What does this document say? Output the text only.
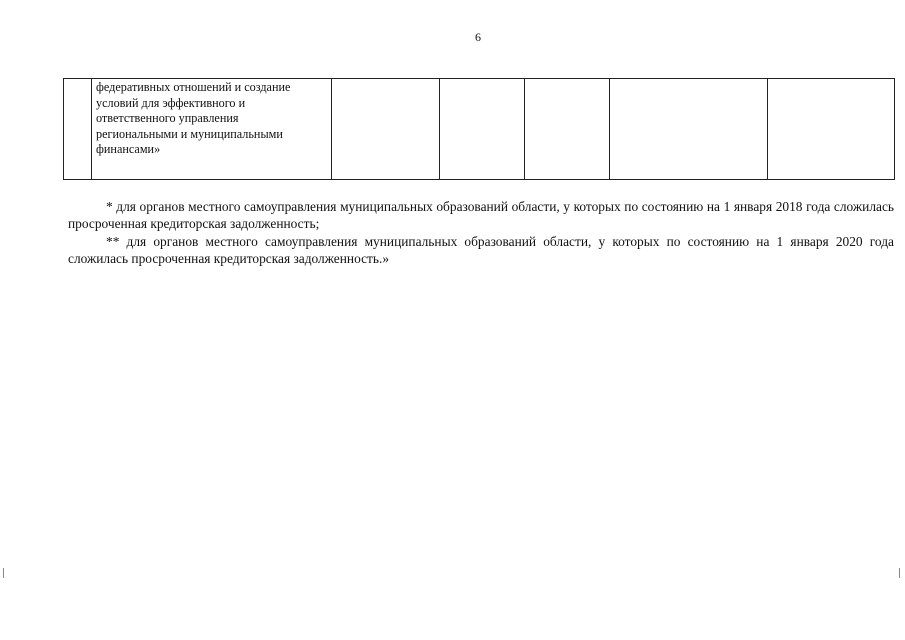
6

федеративных отношений и создание
условий для эффективного и
ответственного управления
региональными и муниципальными
финансами»

* для органов местного самоуправления муниципальных образований области, у которых по состоянию на 1 января 2018 года сложилась просроченная кредиторская задолженность;

** для органов местного самоуправления муниципальных образований области, у которых по состоянию на 1 января 2020 года сложилась просроченная кредиторская задолженность.»
